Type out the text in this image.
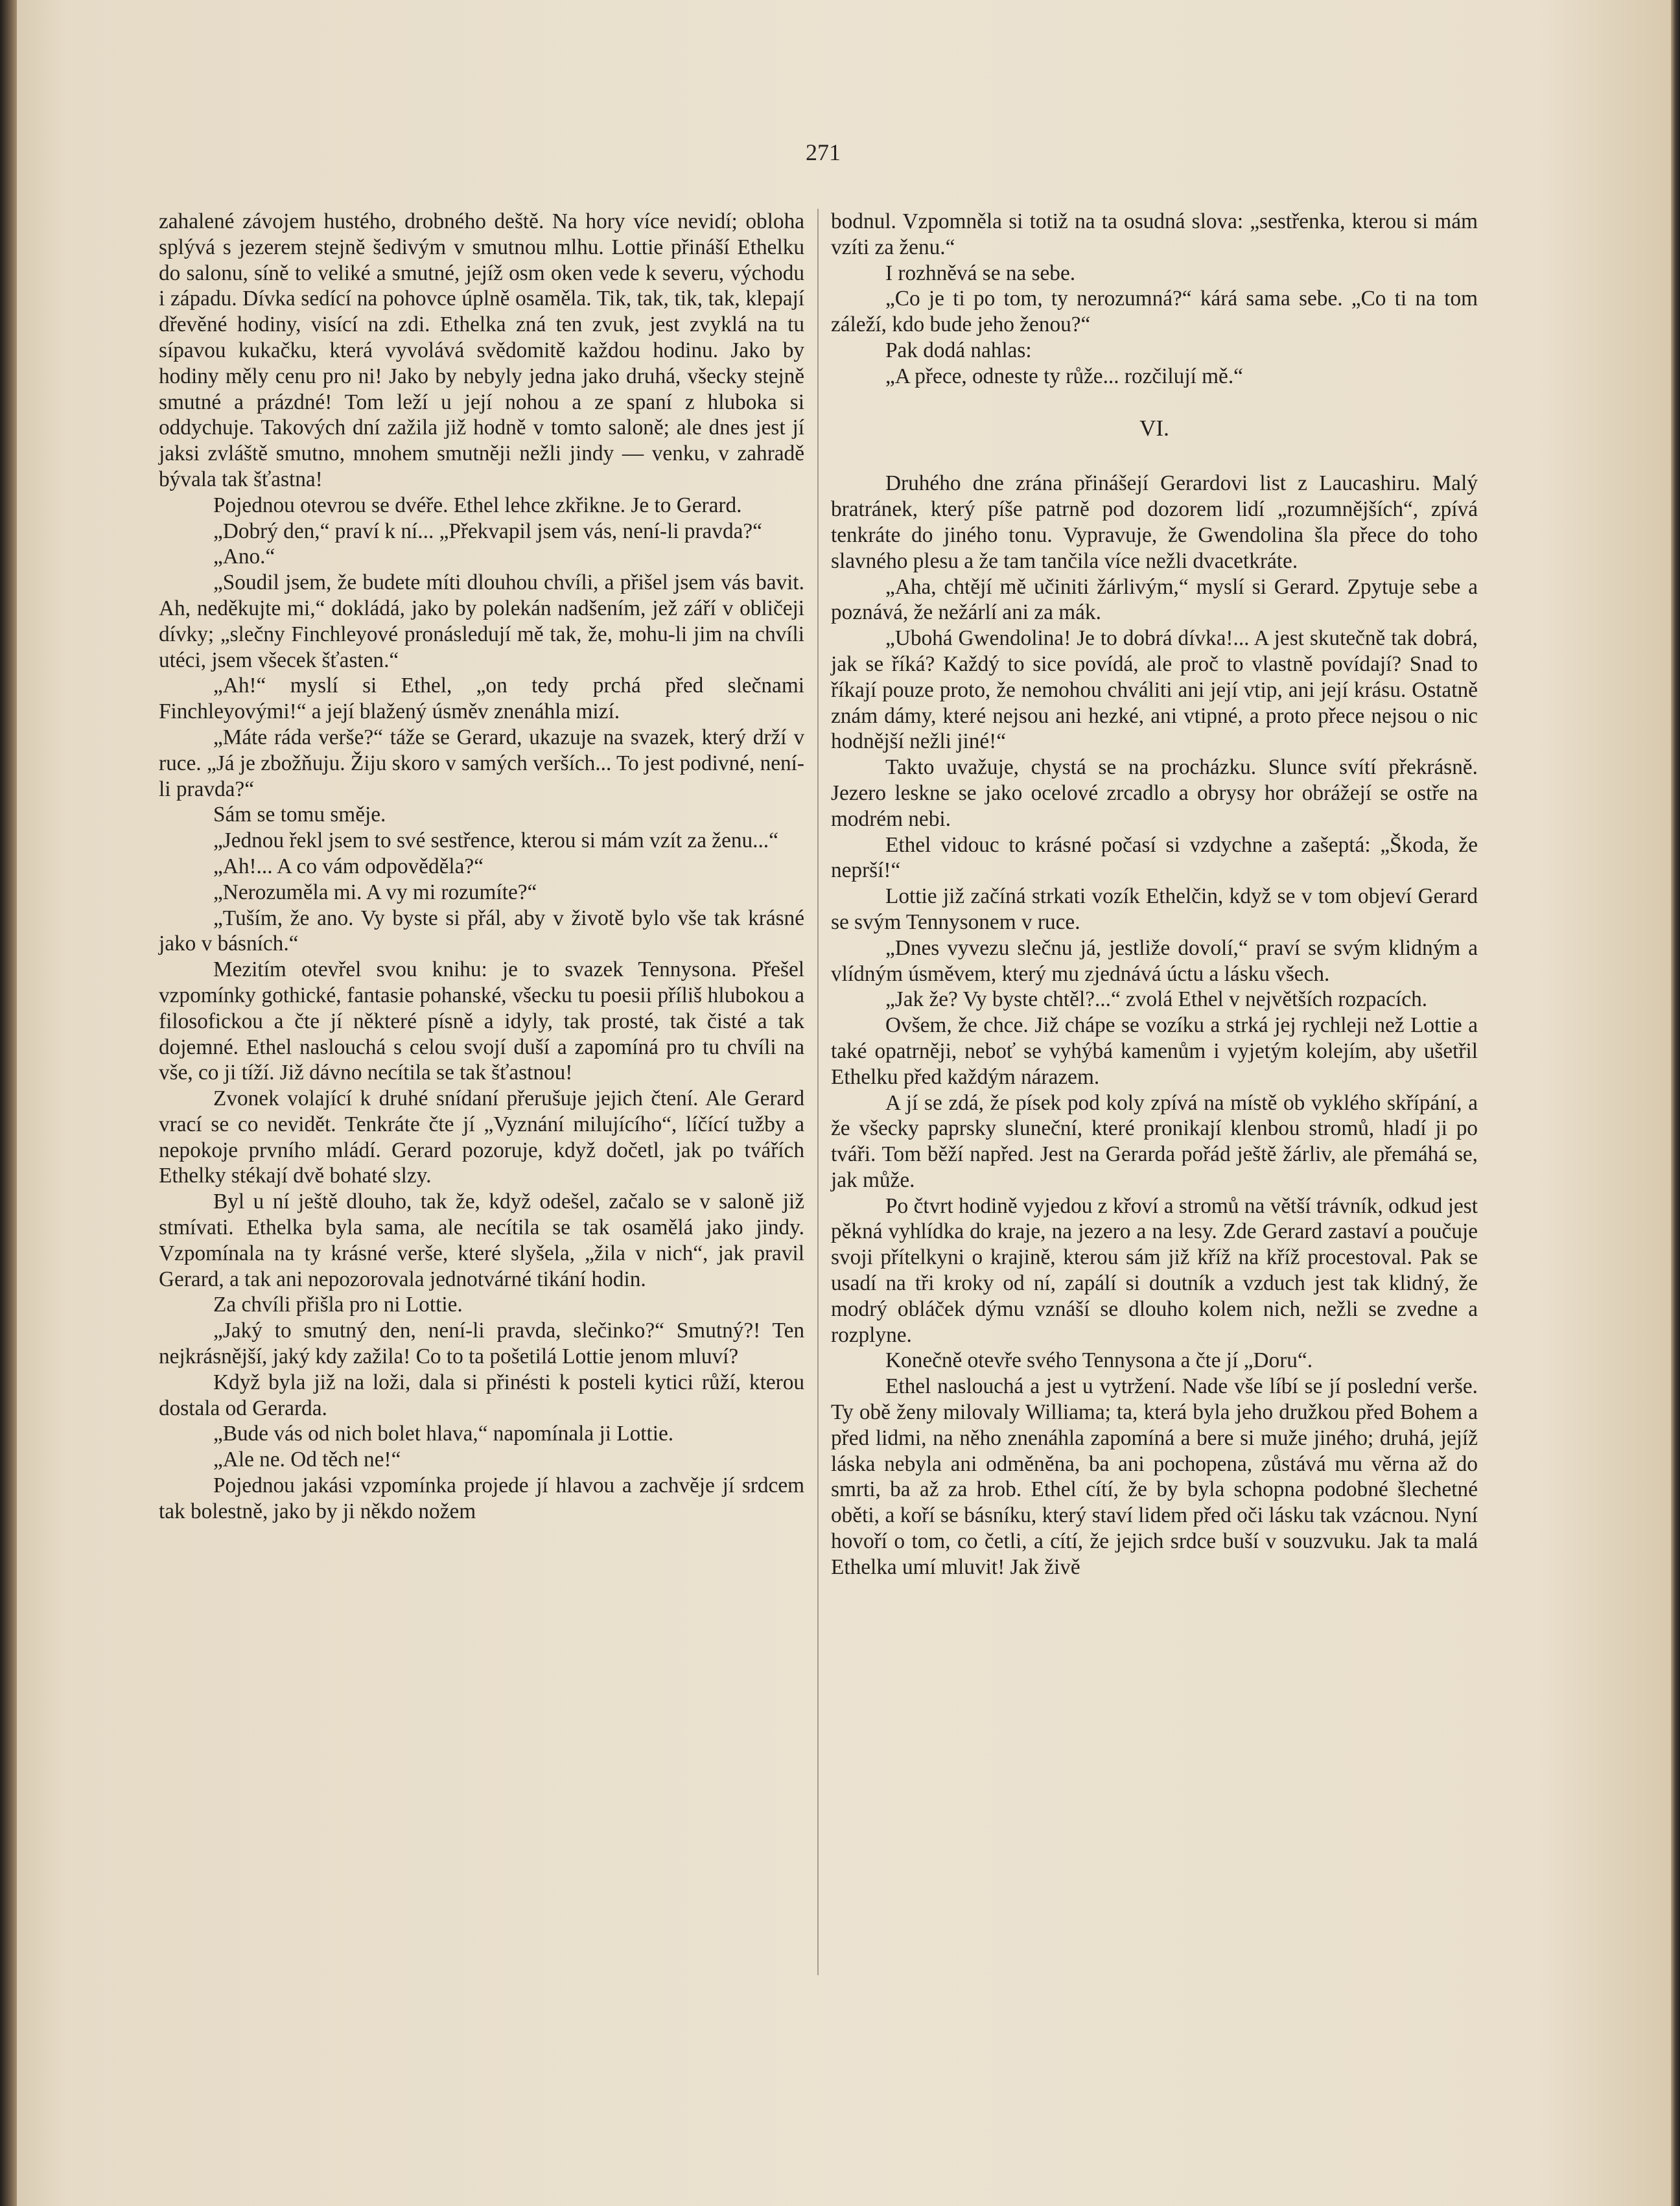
271

zahalené závojem hustého, drobného deště. Na hory více nevidí; obloha splývá s jezerem stejně šedivým v smutnou mlhu. Lottie přináší Ethelku do salonu, síně to veliké a smutné, jejíž osm oken vede k severu, východu i západu. Dívka sedící na pohovce úplně osaměla. Tik, tak, tik, tak, klepají dřevěné hodiny, visící na zdi. Ethelka zná ten zvuk, jest zvyklá na tu sípavou kukačku, která vyvolává svědomitě každou hodinu. Jako by hodiny měly cenu pro ni! Jako by nebyly jedna jako druhá, všecky stejně smutné a prázdné! Tom leží u její nohou a ze spaní z hluboka si oddychuje. Takových dní zažila již hodně v tomto saloně; ale dnes jest jí jaksi zvláště smutno, mnohem smutněji nežli jindy — venku, v zahradě bývala tak šťastna!

Pojednou otevrou se dvéře. Ethel lehce zkřikne. Je to Gerard.

„Dobrý den,“ praví k ní... „Překvapil jsem vás, není-li pravda?“

„Ano.“

„Soudil jsem, že budete míti dlouhou chvíli, a přišel jsem vás bavit. Ah, neděkujte mi,“ dokládá, jako by polekán nadšením, jež září v obličeji dívky; „slečny Finchleyové pronásledují mě tak, že, mohu-li jim na chvíli utéci, jsem všecek šťasten.“

„Ah!“ myslí si Ethel, „on tedy prchá před slečnami Finchleyovými!“ a její blažený úsměv znenáhla mizí.

„Máte ráda verše?“ táže se Gerard, ukazuje na svazek, který drží v ruce. „Já je zbožňuju. Žiju skoro v samých verších... To jest podivné, není-li pravda?“

Sám se tomu směje.

„Jednou řekl jsem to své sestřence, kterou si mám vzít za ženu...“

„Ah!... A co vám odpověděla?“

„Nerozuměla mi. A vy mi rozumíte?“

„Tuším, že ano. Vy byste si přál, aby v životě bylo vše tak krásné jako v básních.“

Mezitím otevřel svou knihu: je to svazek Tennysona. Přešel vzpomínky gothické, fantasie pohanské, všecku tu poesii příliš hlubokou a filosofickou a čte jí některé písně a idyly, tak prosté, tak čisté a tak dojemné. Ethel naslouchá s celou svojí duší a zapomíná pro tu chvíli na vše, co ji tíží. Již dávno necítila se tak šťastnou!

Zvonek volající k druhé snídaní přerušuje jejich čtení. Ale Gerard vrací se co nevidět. Tenkráte čte jí „Vyznání milujícího“, líčící tužby a nepokoje prvního mládí. Gerard pozoruje, když dočetl, jak po tvářích Ethelky stékají dvě bohaté slzy.

Byl u ní ještě dlouho, tak že, když odešel, začalo se v saloně již stmívati. Ethelka byla sama, ale necítila se tak osamělá jako jindy. Vzpomínala na ty krásné verše, které slyšela, „žila v nich“, jak pravil Gerard, a tak ani nepozorovala jednotvárné tikání hodin.

Za chvíli přišla pro ni Lottie.

„Jaký to smutný den, není-li pravda, slečinko?“ Smutný?! Ten nejkrásnější, jaký kdy zažila! Co to ta pošetilá Lottie jenom mluví?

Když byla již na loži, dala si přinésti k posteli kytici růží, kterou dostala od Gerarda.

„Bude vás od nich bolet hlava,“ napomínala ji Lottie.

„Ale ne. Od těch ne!“

Pojednou jakási vzpomínka projede jí hlavou a zachvěje jí srdcem tak bolestně, jako by ji někdo nožem

bodnul. Vzpomněla si totiž na ta osudná slova: „sestřenka, kterou si mám vzíti za ženu.“

I rozhněvá se na sebe.

„Co je ti po tom, ty nerozumná?“ kárá sama sebe. „Co ti na tom záleží, kdo bude jeho ženou?“

Pak dodá nahlas:

„A přece, odneste ty růže... rozčilují mě.“

VI.

Druhého dne zrána přinášejí Gerardovi list z Laucashiru. Malý bratránek, který píše patrně pod dozorem lidí „rozumnějších“, zpívá tenkráte do jiného tonu. Vypravuje, že Gwendolina šla přece do toho slavného plesu a že tam tančila více nežli dvacetkráte.

„Aha, chtějí mě učiniti žárlivým,“ myslí si Gerard. Zpytuje sebe a poznává, že nežárlí ani za mák.

„Ubohá Gwendolina! Je to dobrá dívka!... A jest skutečně tak dobrá, jak se říká? Každý to sice povídá, ale proč to vlastně povídají? Snad to říkají pouze proto, že nemohou chváliti ani její vtip, ani její krásu. Ostatně znám dámy, které nejsou ani hezké, ani vtipné, a proto přece nejsou o nic hodnější nežli jiné!“

Takto uvažuje, chystá se na procházku. Slunce svítí překrásně. Jezero leskne se jako ocelové zrcadlo a obrysy hor obrážejí se ostře na modrém nebi.

Ethel vidouc to krásné počasí si vzdychne a zašeptá: „Škoda, že neprší!“

Lottie již začíná strkati vozík Ethelčin, když se v tom objeví Gerard se svým Tennysonem v ruce.

„Dnes vyvezu slečnu já, jestliže dovolí,“ praví se svým klidným a vlídným úsměvem, který mu zjednává úctu a lásku všech.

„Jak že? Vy byste chtěl?...“ zvolá Ethel v největších rozpacích.

Ovšem, že chce. Již chápe se vozíku a strká jej rychleji než Lottie a také opatrněji, neboť se vyhýbá kamenům i vyjetým kolejím, aby ušetřil Ethelku před každým nárazem.

A jí se zdá, že písek pod koly zpívá na místě ob vyklého skřípání, a že všecky paprsky sluneční, které pronikají klenbou stromů, hladí ji po tváři. Tom běží napřed. Jest na Gerarda pořád ještě žárliv, ale přemáhá se, jak může.

Po čtvrt hodině vyjedou z křoví a stromů na větší trávník, odkud jest pěkná vyhlídka do kraje, na jezero a na lesy. Zde Gerard zastaví a poučuje svoji přítelkyni o krajině, kterou sám již kříž na kříž procestoval. Pak se usadí na tři kroky od ní, zapálí si doutník a vzduch jest tak klidný, že modrý obláček dýmu vznáší se dlouho kolem nich, nežli se zvedne a rozplyne.

Konečně otevře svého Tennysona a čte jí „Doru“.

Ethel naslouchá a jest u vytržení. Nade vše líbí se jí poslední verše. Ty obě ženy milovaly Williama; ta, která byla jeho družkou před Bohem a před lidmi, na něho znenáhla zapomíná a bere si muže jiného; druhá, jejíž láska nebyla ani odměněna, ba ani pochopena, zůstává mu věrna až do smrti, ba až za hrob. Ethel cítí, že by byla schopna podobné šlechetné oběti, a koří se básníku, který staví lidem před oči lásku tak vzácnou. Nyní hovoří o tom, co četli, a cítí, že jejich srdce buší v souzvuku. Jak ta malá Ethelka umí mluvit! Jak živě
